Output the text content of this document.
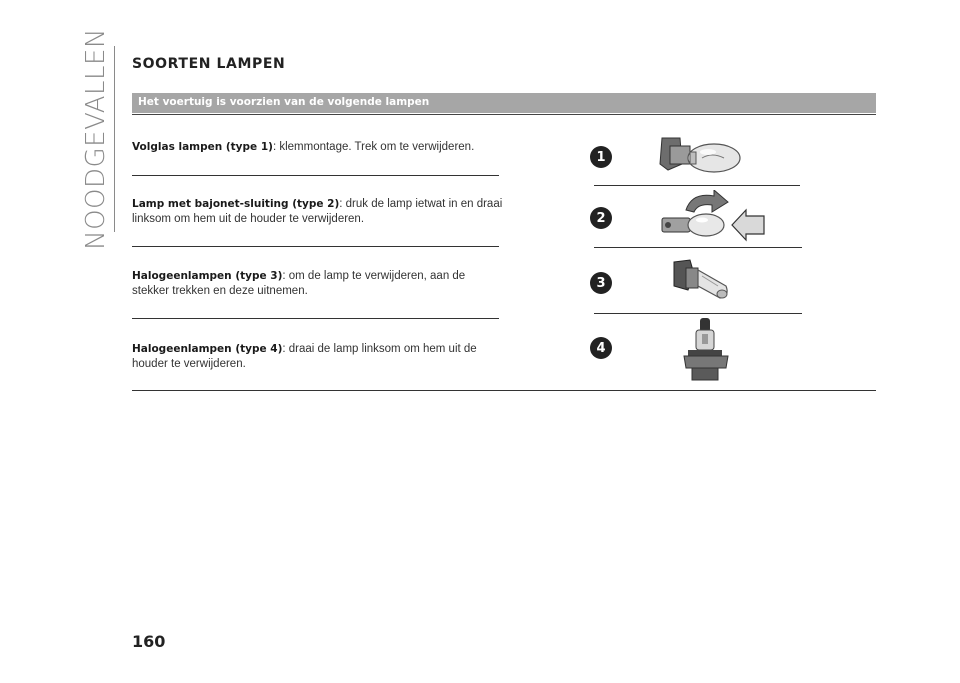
NOODGEVALLEN SOORTEN LAMPEN
Het voertuig is voorzien van de volgende lampen
Volglas lampen (type 1): klemmontage. Trek om te verwijderen.
Lamp met bajonet-sluiting (type 2): druk de lamp ietwat in en draai linksom om hem uit de houder te verwijderen.
Halogeenlampen (type 3): om de lamp te verwijderen, aan de stekker trekken en deze uitnemen.
Halogeenlampen (type 4): draai de lamp linksom om hem uit de houder te verwijderen.
1
2
3
4
160
